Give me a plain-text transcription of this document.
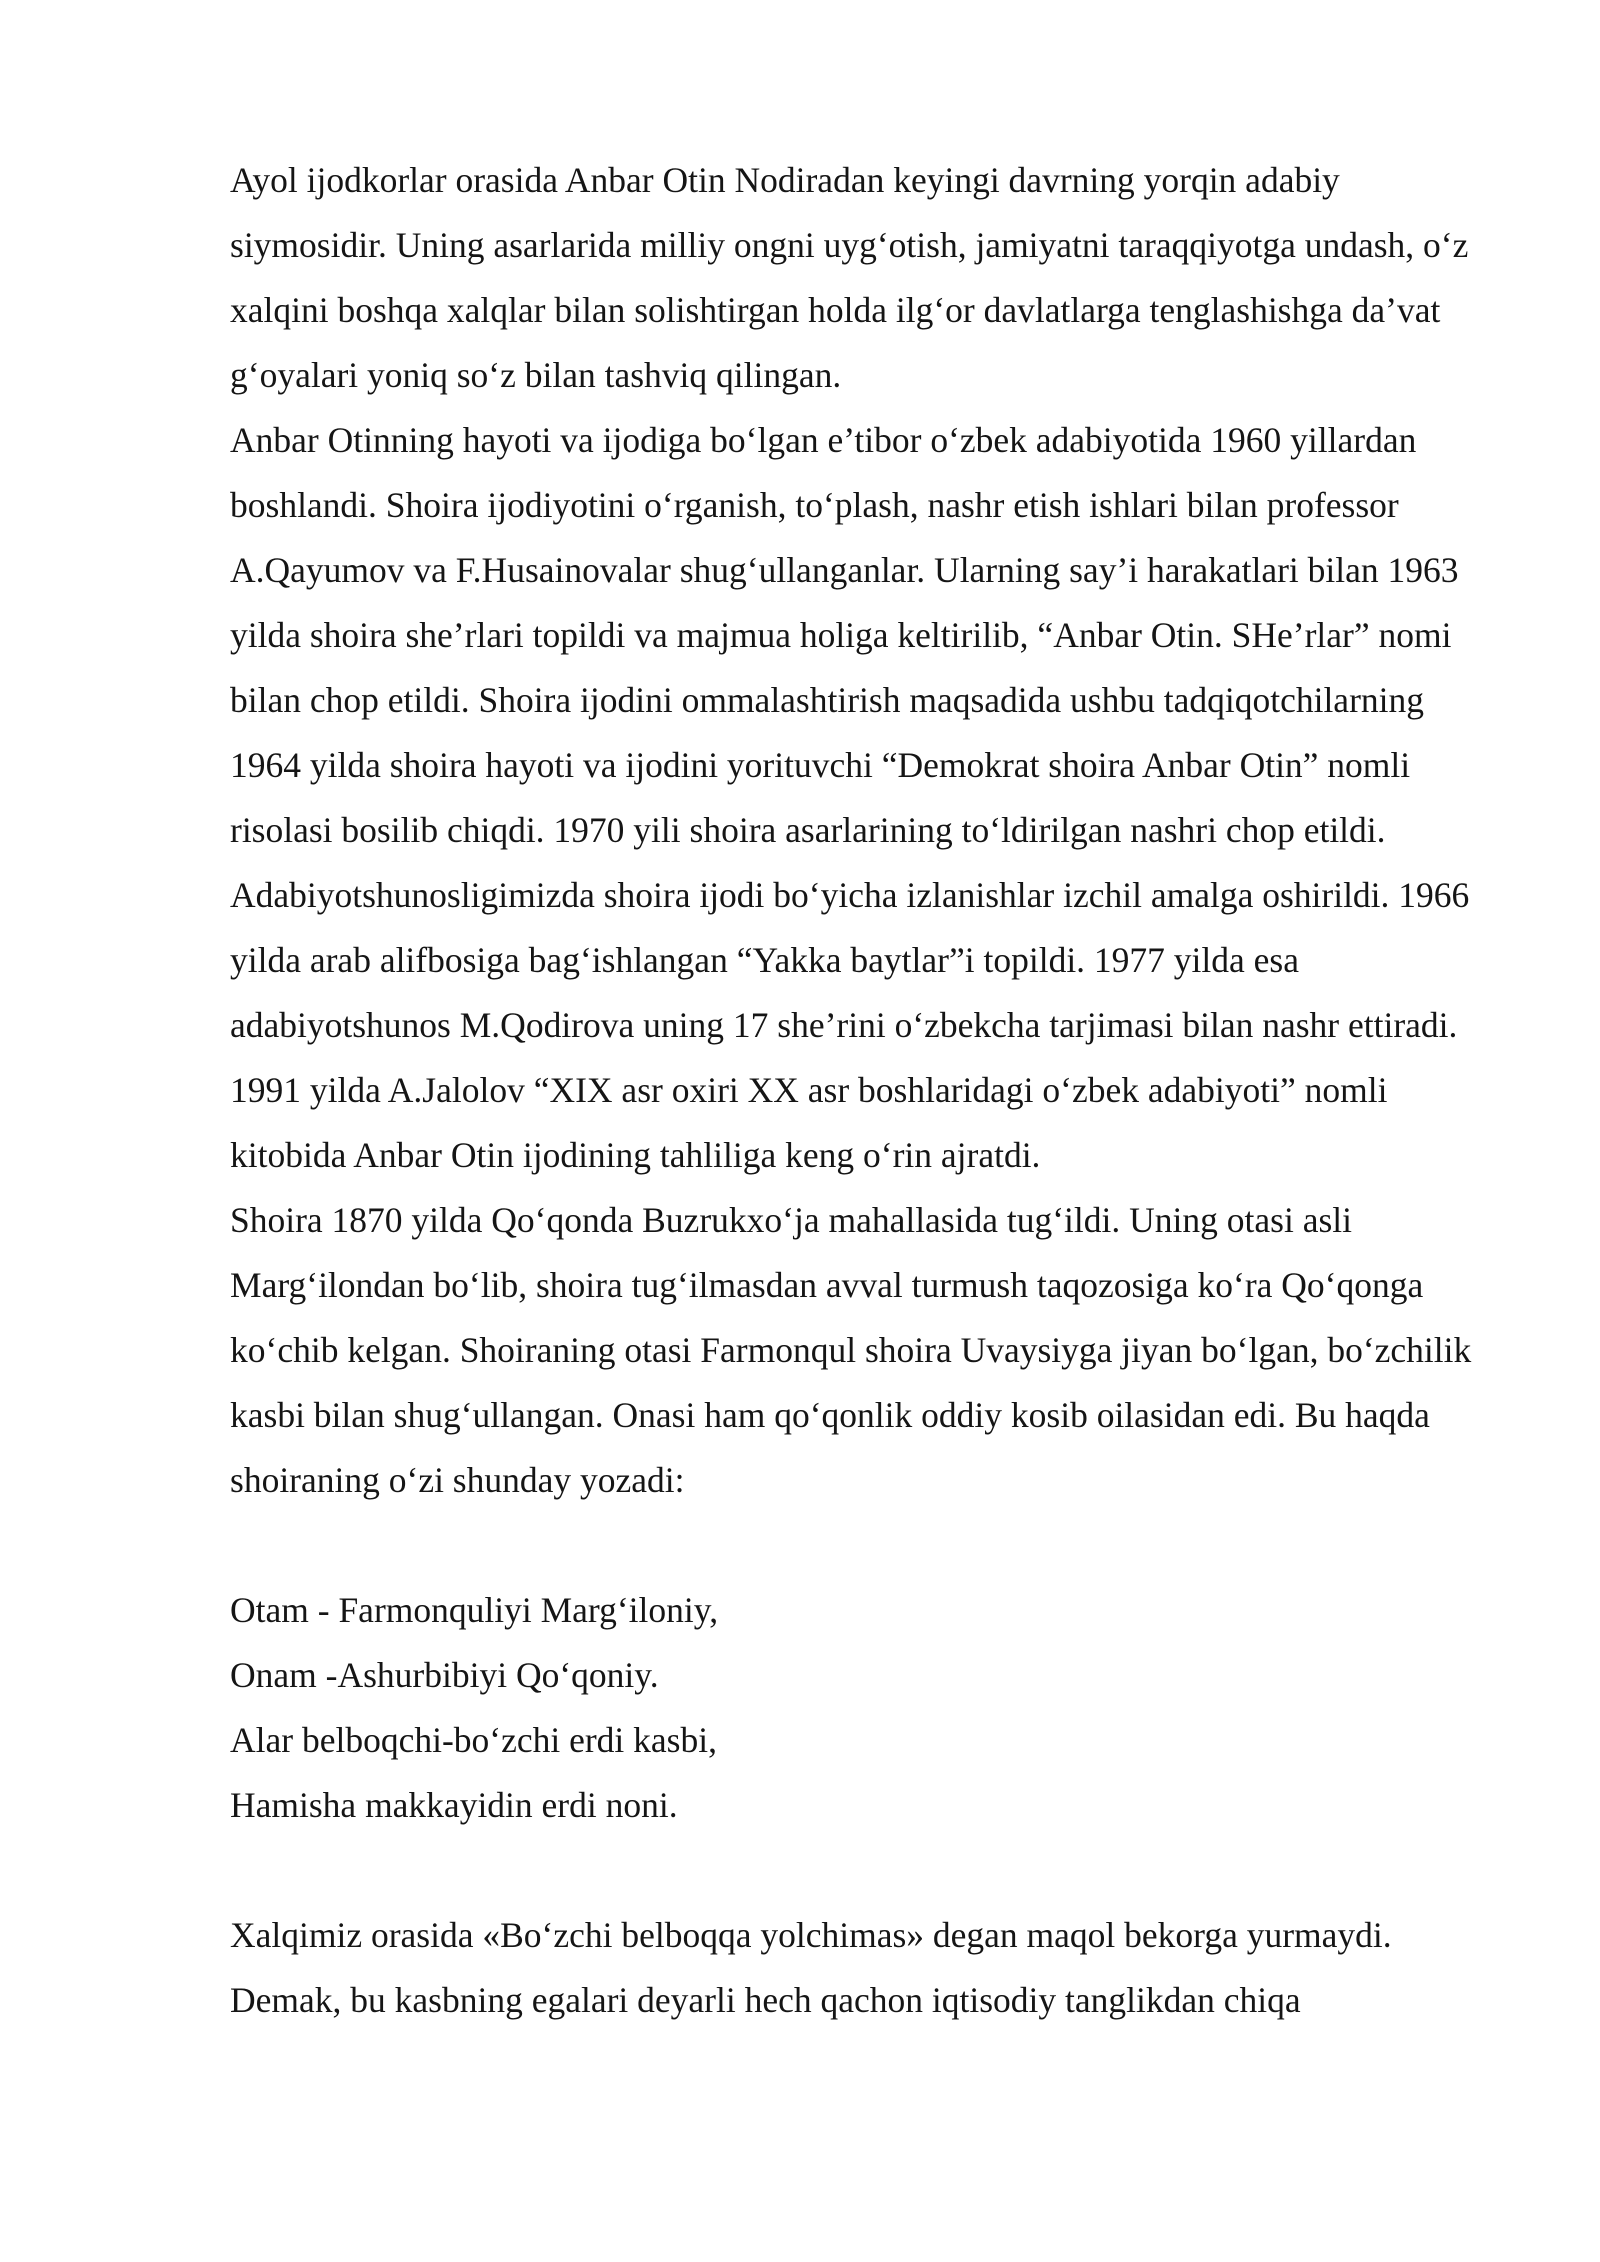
Ayol ijodkorlar orasida Anbar Otin Nodiradan keyingi davrning yorqin adabiy siymosidir. Uning asarlarida milliy ongni uyg‘otish, jamiyatni taraqqiyotga undash, o‘z xalqini boshqa xalqlar bilan solishtirgan holda ilg‘or davlatlarga tenglashishga da’vat g‘oyalari yoniq so‘z bilan tashviq qilingan.

Anbar Otinning hayoti va ijodiga bo‘lgan e’tibor o‘zbek adabiyotida 1960 yillardan boshlandi. Shoira ijodiyotini o‘rganish, to‘plash, nashr etish ishlari bilan professor A.Qayumov va F.Husainovalar shug‘ullanganlar. Ularning say’i harakatlari bilan 1963 yilda shoira she’rlari topildi va majmua holiga keltirilib, “Anbar Otin. SHe’rlar” nomi bilan chop etildi. Shoira ijodini ommalashtirish maqsadida ushbu tadqiqotchilarning 1964 yilda shoira hayoti va ijodini yorituvchi “Demokrat shoira Anbar Otin” nomli risolasi bosilib chiqdi. 1970 yili shoira asarlarining to‘ldirilgan nashri chop etildi. Adabiyotshunosligimizda shoira ijodi bo‘yicha izlanishlar izchil amalga oshirildi. 1966 yilda arab alifbosiga bag‘ishlangan “Yakka baytlar”i topildi. 1977 yilda esa adabiyotshunos M.Qodirova uning 17 she’rini o‘zbekcha tarjimasi bilan nashr ettiradi. 1991 yilda A.Jalolov “XIX asr oxiri XX asr boshlaridagi o‘zbek adabiyoti” nomli kitobida Anbar Otin ijodining tahliliga keng o‘rin ajratdi.

Shoira 1870 yilda Qo‘qonda Buzrukxo‘ja mahallasida tug‘ildi. Uning otasi asli Marg‘ilondan bo‘lib, shoira tug‘ilmasdan avval turmush taqozosiga ko‘ra Qo‘qonga ko‘chib kelgan. Shoiraning otasi Farmonqul shoira Uvaysiyga jiyan bo‘lgan, bo‘zchilik kasbi bilan shug‘ullangan. Onasi ham qo‘qonlik oddiy kosib oilasidan edi. Bu haqda shoiraning o‘zi shunday yozadi:

Otam - Farmonquliyi Marg‘iloniy,
Onam -Ashurbibiyi Qo‘qoniy.
Alar belboqchi-bo‘zchi erdi kasbi,
Hamisha makkayidin erdi noni.

Xalqimiz orasida «Bo‘zchi belboqqa yolchimas» degan maqol bekorga yurmaydi. Demak, bu kasbning egalari deyarli hech qachon iqtisodiy tanglikdan chiqa
